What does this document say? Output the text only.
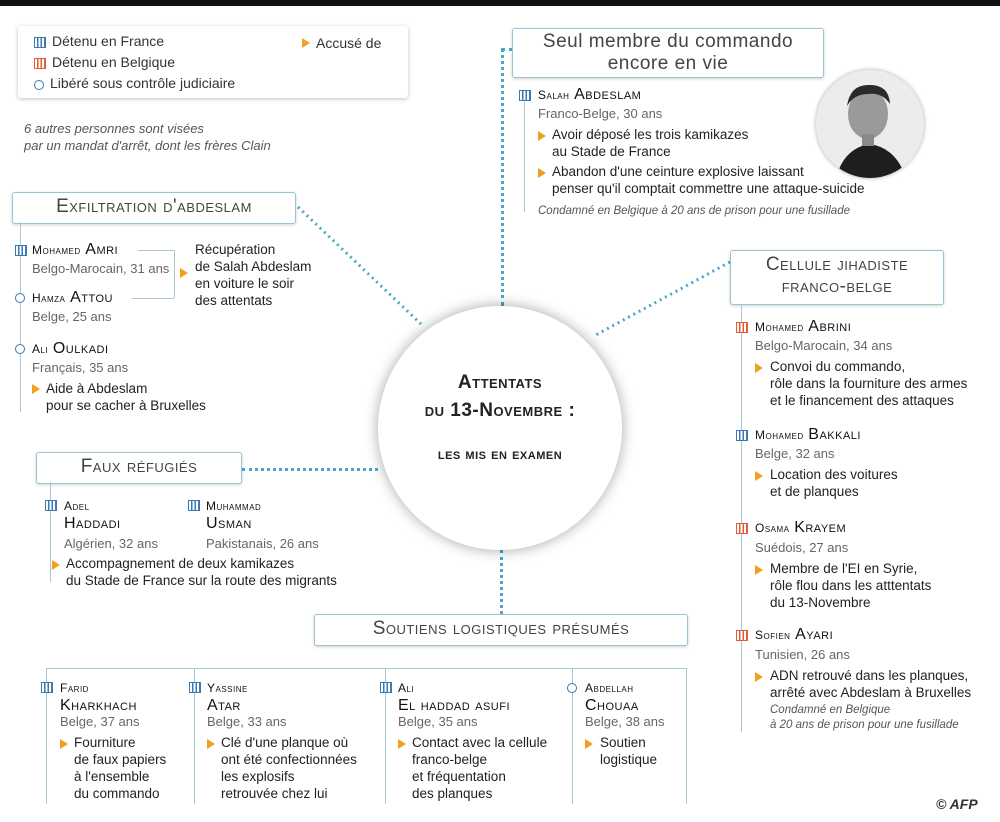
Détenu en France
Détenu en Belgique
Libéré sous contrôle judiciaire
Accusé de
6 autres personnes sont visées
par un mandat d'arrêt, dont les frères Clain
Attentats
du 13-Novembre :
les mis en examen
Seul membre du commando
encore en vie
Salah Abdeslam
Franco-Belge, 30 ans
Avoir déposé les trois kamikazes
au Stade de France
Abandon d'une ceinture explosive laissant
penser qu'il comptait commettre une attaque-suicide
Condamné en Belgique à 20 ans de prison pour une fusillade
Exfiltration d'abdeslam
Mohamed Amri
Belgo-Marocain, 31 ans
Hamza Attou
Belge, 25 ans
Récupération
de Salah Abdeslam
en voiture le soir
des attentats
Ali Oulkadi
Français, 35 ans
Aide à Abdeslam
pour se cacher à Bruxelles
Faux réfugiés
Adel
Haddadi
Algérien, 32 ans
Muhammad
Usman
Pakistanais, 26 ans
Accompagnement de deux kamikazes
du Stade de France sur la route des migrants
Cellule jihadiste
franco-belge
Mohamed Abrini
Belgo-Marocain, 34 ans
Convoi du commando,
rôle dans la fourniture des armes
et le financement des attaques
Mohamed Bakkali
Belge, 32 ans
Location des voitures
et de planques
Osama Krayem
Suédois, 27 ans
Membre de l'EI en Syrie,
rôle flou dans les atttentats
du 13-Novembre
Sofien Ayari
Tunisien, 26 ans
ADN retrouvé dans les planques,
arrêté avec Abdeslam à Bruxelles
Condamné en Belgique
à 20 ans de prison pour une fusillade
Soutiens logistiques présumés
Farid
Kharkhach
Belge, 37 ans
Fourniture
de faux papiers
à l'ensemble
du commando
Yassine
Atar
Belge, 33 ans
Clé d'une planque où
ont été confectionnées
les explosifs
retrouvée chez lui
Ali
El haddad asufi
Belge, 35 ans
Contact avec la cellule
franco-belge
et fréquentation
des planques
Abdellah
Chouaa
Belge, 38 ans
Soutien
logistique
© AFP
